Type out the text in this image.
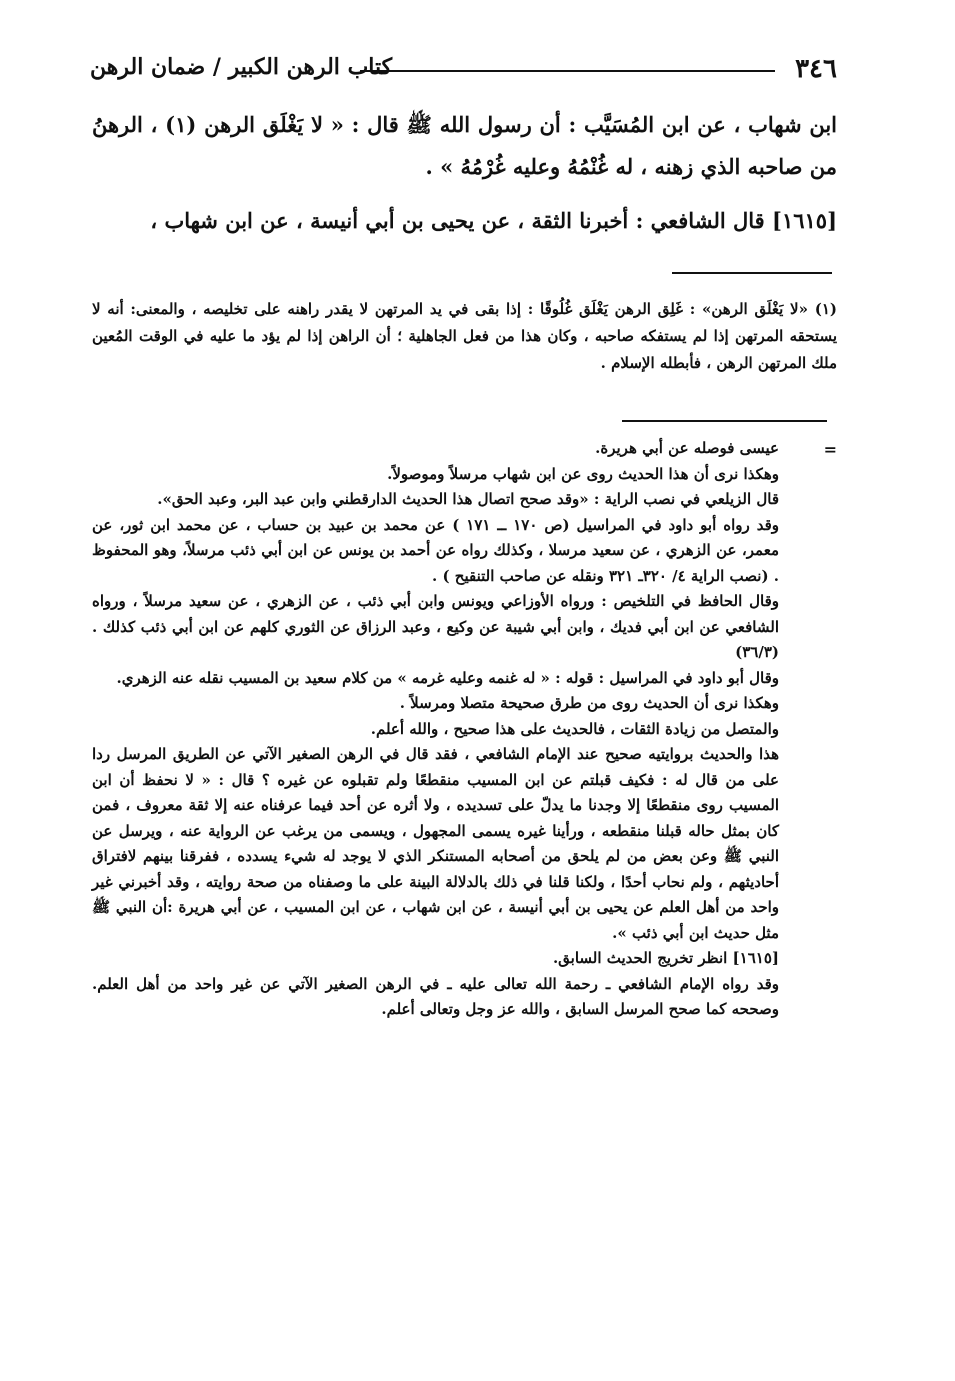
٣٤٦
كتاب الرهن الكبير / ضمان الرهن

ابن شهاب ، عن ابن المُسَيَّب : أن رسول الله ﷺ قال : « لا يَغْلَق الرهن (١) ، الرهنُ من صاحبه الذي زهنه ، له غُنْمُهُ وعليه غُرْمُهُ » .

[١٦١٥] قال الشافعي : أخبرنا الثقة ، عن يحيى بن أبي أنيسة ، عن ابن شهاب ،

(١) «لا يَغْلَق الرهن» : غَلِق الرهن يَغْلَق غُلُوقًا : إذا بقى في يد المرتهن لا يقدر راهنه على تخليصه ، والمعنى: أنه لا يستحقه المرتهن إذا لم يستفكه صاحبه ، وكان هذا من فعل الجاهلية ؛ أن الراهن إذا لم يؤد ما عليه في الوقت المُعين ملك المرتهن الرهن ، فأبطله الإسلام .

=

عيسى فوصله عن أبي هريرة.

وهكذا نرى أن هذا الحديث روى عن ابن شهاب مرسلاً وموصولاً.

قال الزيلعي في نصب الراية : «وقد صحح اتصال هذا الحديث الدارقطني وابن عبد البر، وعبد الحق».

وقد رواه أبو داود في المراسيل (ص ١٧٠ ــ ١٧١ ) عن محمد بن عبيد بن حساب ، عن محمد ابن ثور، عن معمر، عن الزهري ، عن سعيد مرسلا ، وكذلك رواه عن أحمد بن يونس عن ابن أبي ذئب مرسلاً، وهو المحفوظ . (نصب الراية ٤/ ٣٢٠ـ ٣٢١ ونقله عن صاحب التنقيح ) .

وقال الحافظ في التلخيص : ورواه الأوزاعي ويونس وابن أبي ذئب ، عن الزهري ، عن سعيد مرسلاً ، ورواه الشافعي عن ابن أبي فديك ، وابن أبي شيبة عن وكيع ، وعبد الرزاق عن الثوري كلهم عن ابن أبي ذئب كذلك . (٣٦/٣)

وقال أبو داود في المراسيل : قوله : « له غنمه وعليه غرمه » من كلام سعيد بن المسيب نقله عنه الزهري.

وهكذا نرى أن الحديث روى من طرق صحيحة متصلا ومرسلاً .

والمتصل من زيادة الثقات ، فالحديث على هذا صحيح ، والله أعلم.

هذا والحديث بروايتيه صحيح عند الإمام الشافعي ، فقد قال في الرهن الصغير الآتي عن الطريق المرسل ردا على من قال له : فكيف قبلتم عن ابن المسيب منقطعًا ولم تقبلوه عن غيره ؟ قال : « لا نحفظ أن ابن المسيب روى منقطعًا إلا وجدنا ما يدلّ على تسديده ، ولا أثره عن أحد فيما عرفناه عنه إلا ثقة معروف ، فمن كان بمثل حاله قبلنا منقطعه ، ورأينا غيره يسمى المجهول ، ويسمى من يرغب عن الرواية عنه ، ويرسل عن النبي ﷺ وعن بعض من لم يلحق من أصحابه المستنكر الذي لا يوجد له شيء يسدده ، ففرقنا بينهم لافتراق أحاديثهم ، ولم نحاب أحدًا ، ولكنا قلنا في ذلك بالدلالة البينة على ما وصفناه من صحة روايته ، وقد أخبرني غير واحد من أهل العلم عن يحيى بن أبي أنيسة ، عن ابن شهاب ، عن ابن المسيب ، عن أبي هريرة :أن النبي ﷺ مثل حديث ابن أبي ذئب ».

[١٦١٥] انظر تخريج الحديث السابق.

وقد رواه الإمام الشافعي ـ رحمة الله تعالى عليه ـ في الرهن الصغير الآتي عن غير واحد من أهل العلم. وصححه كما صحح المرسل السابق ، والله عز وجل وتعالى أعلم.
